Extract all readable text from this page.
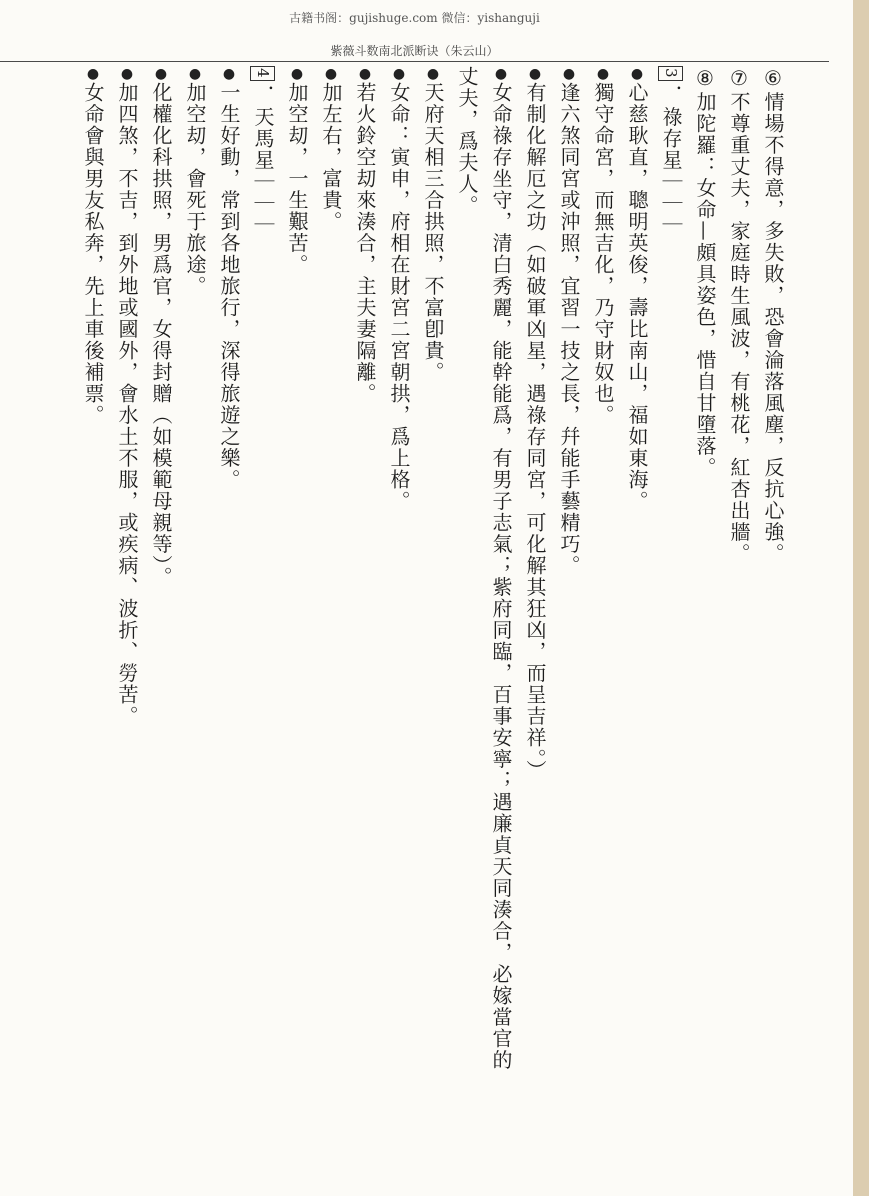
古籍书阁：gujishuge.com 微信：yishanguji
紫薇斗数南北派断诀（朱云山）
⑥情場不得意，多失敗，恐會淪落風塵，反抗心強。
⑦不尊重丈夫，家庭時生風波，有桃花，紅杏出牆。
⑧加陀羅：女命—頗具姿色，惜自甘墮落。
3．祿存星｜｜｜
●心慈耿直，聰明英俊，壽比南山，福如東海。
●獨守命宮，而無吉化，乃守財奴也。
●逢六煞同宮或沖照，宜習一技之長，幷能手藝精巧。
●有制化解厄之功（如破軍凶星，遇祿存同宮，可化解其狂凶，而呈吉祥。）
●女命祿存坐守，清白秀麗，能幹能爲，有男子志氣；紫府同臨，百事安寧；遇廉貞天同湊合，必嫁當官的
丈夫，爲夫人。
●天府天相三合拱照，不富卽貴。
●女命：寅申，府相在財宮二宮朝拱，爲上格。
●若火鈴空刧來湊合，主夫妻隔離。
●加左右，富貴。
●加空刧，一生艱苦。
4．天馬星｜｜｜
●一生好動，常到各地旅行，深得旅遊之樂。
●加空刧，會死于旅途。
●化權化科拱照，男爲官，女得封贈（如模範母親等）。
●加四煞，不吉，到外地或國外，會水土不服，或疾病、波折、勞苦。
●女命會與男友私奔，先上車後補票。
